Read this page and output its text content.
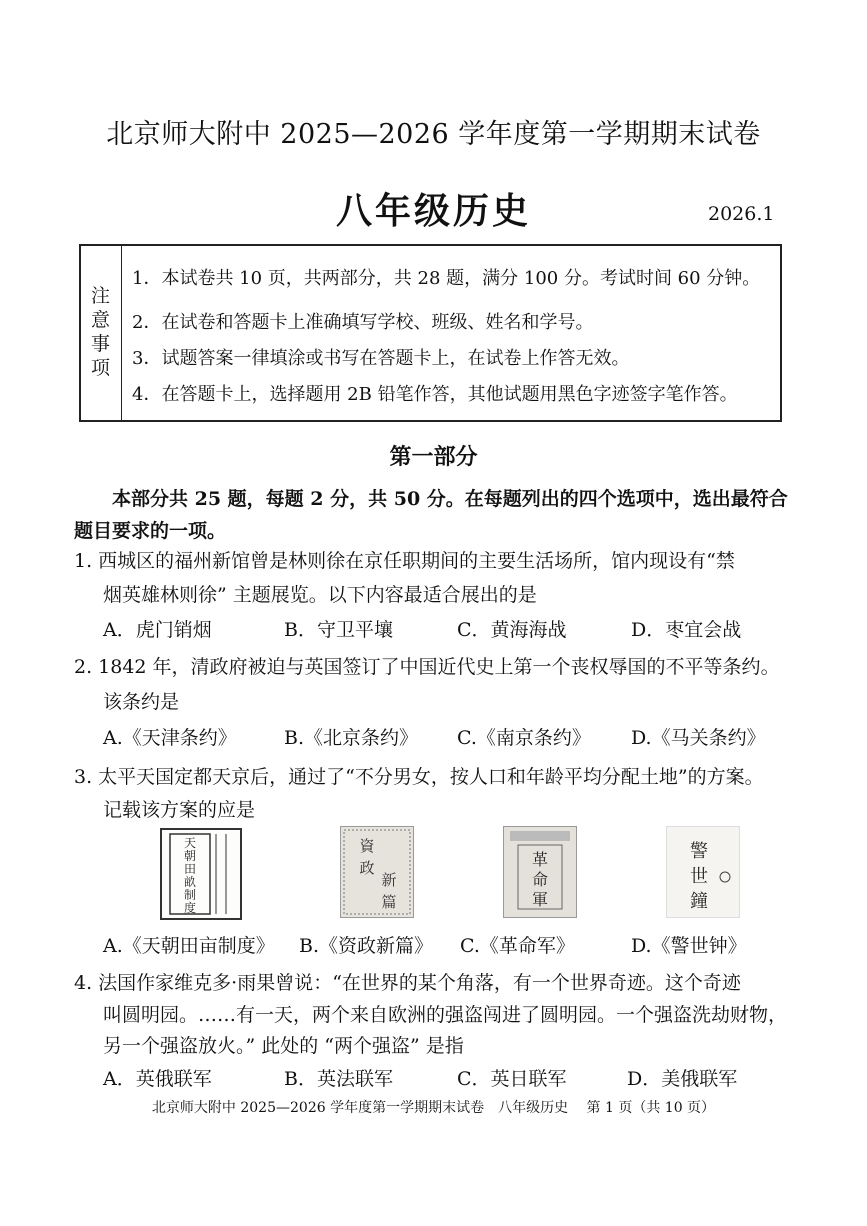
北京师大附中 2025—2026 学年度第一学期期末试卷
八年级历史	2026.1
注意事项
1．本试卷共 10 页，共两部分，共 28 题，满分 100 分。考试时间 60 分钟。
2．在试卷和答题卡上准确填写学校、班级、姓名和学号。
3．试题答案一律填涂或书写在答题卡上，在试卷上作答无效。
4．在答题卡上，选择题用 2B 铅笔作答，其他试题用黑色字迹签字笔作答。
第一部分
本部分共 25 题，每题 2 分，共 50 分。在每题列出的四个选项中，选出最符合
题目要求的一项。
1. 西城区的福州新馆曾是林则徐在京任职期间的主要生活场所，馆内现设有“禁
烟英雄林则徐” 主题展览。以下内容最适合展出的是
A．虎门销烟	B．守卫平壤	C．黄海海战	D．枣宜会战
2. 1842 年，清政府被迫与英国签订了中国近代史上第一个丧权辱国的不平等条约。
该条约是
A.《天津条约》 B.《北京条约》 C.《南京条约》 D.《马关条约》
3. 太平天国定都天京后，通过了“不分男女，按人口和年龄平均分配土地”的方案。
记载该方案的应是
天
朝
田
畝
制
度
資
政
新
篇
革
命
軍
警
世
鐘
A.《天朝田亩制度》 B.《资政新篇》 C.《革命军》	D.《警世钟》
4. 法国作家维克多·雨果曾说：“在世界的某个角落，有一个世界奇迹。这个奇迹
叫圆明园。……有一天，两个来自欧洲的强盗闯进了圆明园。一个强盗洗劫财物，
另一个强盗放火。” 此处的 “两个强盗” 是指
A．英俄联军	B．英法联军	C．英日联军	D．美俄联军
北京师大附中 2025—2026 学年度第一学期期末试卷　八年级历史　 第 1 页（共 10 页）
